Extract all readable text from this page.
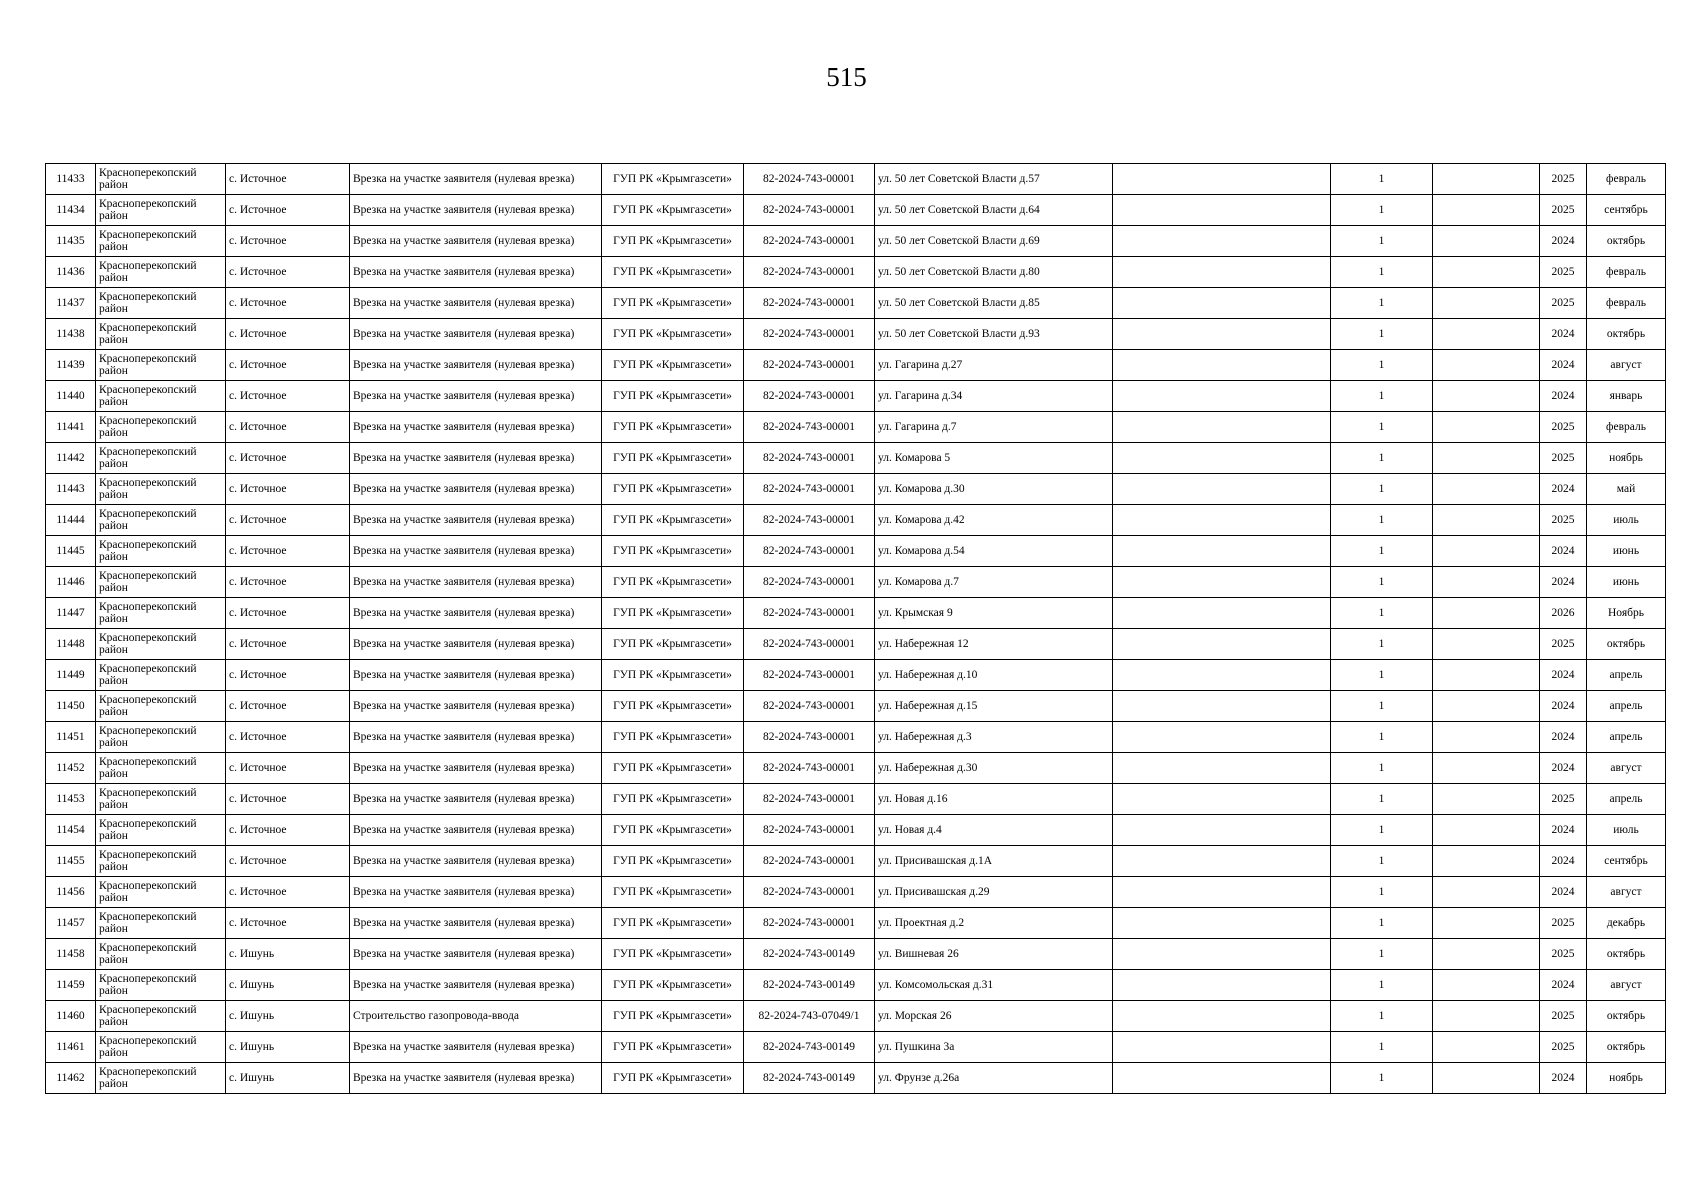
515
11433	Красноперекопский район	с. Источное	Врезка на участке заявителя (нулевая врезка)	ГУП РК «Крымгазсети»	82-2024-743-00001	ул. 50 лет Советской Власти д.57		1		2025	февраль
11434	Красноперекопский район	с. Источное	Врезка на участке заявителя (нулевая врезка)	ГУП РК «Крымгазсети»	82-2024-743-00001	ул. 50 лет Советской Власти д.64		1		2025	сентябрь
11435	Красноперекопский район	с. Источное	Врезка на участке заявителя (нулевая врезка)	ГУП РК «Крымгазсети»	82-2024-743-00001	ул. 50 лет Советской Власти д.69		1		2024	октябрь
11436	Красноперекопский район	с. Источное	Врезка на участке заявителя (нулевая врезка)	ГУП РК «Крымгазсети»	82-2024-743-00001	ул. 50 лет Советской Власти д.80		1		2025	февраль
11437	Красноперекопский район	с. Источное	Врезка на участке заявителя (нулевая врезка)	ГУП РК «Крымгазсети»	82-2024-743-00001	ул. 50 лет Советской Власти д.85		1		2025	февраль
11438	Красноперекопский район	с. Источное	Врезка на участке заявителя (нулевая врезка)	ГУП РК «Крымгазсети»	82-2024-743-00001	ул. 50 лет Советской Власти д.93		1		2024	октябрь
11439	Красноперекопский район	с. Источное	Врезка на участке заявителя (нулевая врезка)	ГУП РК «Крымгазсети»	82-2024-743-00001	ул. Гагарина д.27		1		2024	август
11440	Красноперекопский район	с. Источное	Врезка на участке заявителя (нулевая врезка)	ГУП РК «Крымгазсети»	82-2024-743-00001	ул. Гагарина д.34		1		2024	январь
11441	Красноперекопский район	с. Источное	Врезка на участке заявителя (нулевая врезка)	ГУП РК «Крымгазсети»	82-2024-743-00001	ул. Гагарина д.7		1		2025	февраль
11442	Красноперекопский район	с. Источное	Врезка на участке заявителя (нулевая врезка)	ГУП РК «Крымгазсети»	82-2024-743-00001	ул. Комарова 5		1		2025	ноябрь
11443	Красноперекопский район	с. Источное	Врезка на участке заявителя (нулевая врезка)	ГУП РК «Крымгазсети»	82-2024-743-00001	ул. Комарова д.30		1		2024	май
11444	Красноперекопский район	с. Источное	Врезка на участке заявителя (нулевая врезка)	ГУП РК «Крымгазсети»	82-2024-743-00001	ул. Комарова д.42		1		2025	июль
11445	Красноперекопский район	с. Источное	Врезка на участке заявителя (нулевая врезка)	ГУП РК «Крымгазсети»	82-2024-743-00001	ул. Комарова д.54		1		2024	июнь
11446	Красноперекопский район	с. Источное	Врезка на участке заявителя (нулевая врезка)	ГУП РК «Крымгазсети»	82-2024-743-00001	ул. Комарова д.7		1		2024	июнь
11447	Красноперекопский район	с. Источное	Врезка на участке заявителя (нулевая врезка)	ГУП РК «Крымгазсети»	82-2024-743-00001	ул. Крымская 9		1		2026	Ноябрь
11448	Красноперекопский район	с. Источное	Врезка на участке заявителя (нулевая врезка)	ГУП РК «Крымгазсети»	82-2024-743-00001	ул. Набережная 12		1		2025	октябрь
11449	Красноперекопский район	с. Источное	Врезка на участке заявителя (нулевая врезка)	ГУП РК «Крымгазсети»	82-2024-743-00001	ул. Набережная д.10		1		2024	апрель
11450	Красноперекопский район	с. Источное	Врезка на участке заявителя (нулевая врезка)	ГУП РК «Крымгазсети»	82-2024-743-00001	ул. Набережная д.15		1		2024	апрель
11451	Красноперекопский район	с. Источное	Врезка на участке заявителя (нулевая врезка)	ГУП РК «Крымгазсети»	82-2024-743-00001	ул. Набережная д.3		1		2024	апрель
11452	Красноперекопский район	с. Источное	Врезка на участке заявителя (нулевая врезка)	ГУП РК «Крымгазсети»	82-2024-743-00001	ул. Набережная д.30		1		2024	август
11453	Красноперекопский район	с. Источное	Врезка на участке заявителя (нулевая врезка)	ГУП РК «Крымгазсети»	82-2024-743-00001	ул. Новая д.16		1		2025	апрель
11454	Красноперекопский район	с. Источное	Врезка на участке заявителя (нулевая врезка)	ГУП РК «Крымгазсети»	82-2024-743-00001	ул. Новая д.4		1		2024	июль
11455	Красноперекопский район	с. Источное	Врезка на участке заявителя (нулевая врезка)	ГУП РК «Крымгазсети»	82-2024-743-00001	ул. Присивашская д.1А		1		2024	сентябрь
11456	Красноперекопский район	с. Источное	Врезка на участке заявителя (нулевая врезка)	ГУП РК «Крымгазсети»	82-2024-743-00001	ул. Присивашская д.29		1		2024	август
11457	Красноперекопский район	с. Источное	Врезка на участке заявителя (нулевая врезка)	ГУП РК «Крымгазсети»	82-2024-743-00001	ул. Проектная д.2		1		2025	декабрь
11458	Красноперекопский район	с. Ишунь	Врезка на участке заявителя (нулевая врезка)	ГУП РК «Крымгазсети»	82-2024-743-00149	ул. Вишневая 26		1		2025	октябрь
11459	Красноперекопский район	с. Ишунь	Врезка на участке заявителя (нулевая врезка)	ГУП РК «Крымгазсети»	82-2024-743-00149	ул. Комсомольская д.31		1		2024	август
11460	Красноперекопский район	с. Ишунь	Строительство газопровода-ввода	ГУП РК «Крымгазсети»	82-2024-743-07049/1	ул. Морская 26		1		2025	октябрь
11461	Красноперекопский район	с. Ишунь	Врезка на участке заявителя (нулевая врезка)	ГУП РК «Крымгазсети»	82-2024-743-00149	ул. Пушкина 3а		1		2025	октябрь
11462	Красноперекопский район	с. Ишунь	Врезка на участке заявителя (нулевая врезка)	ГУП РК «Крымгазсети»	82-2024-743-00149	ул. Фрунзе д.26а		1		2024	ноябрь
